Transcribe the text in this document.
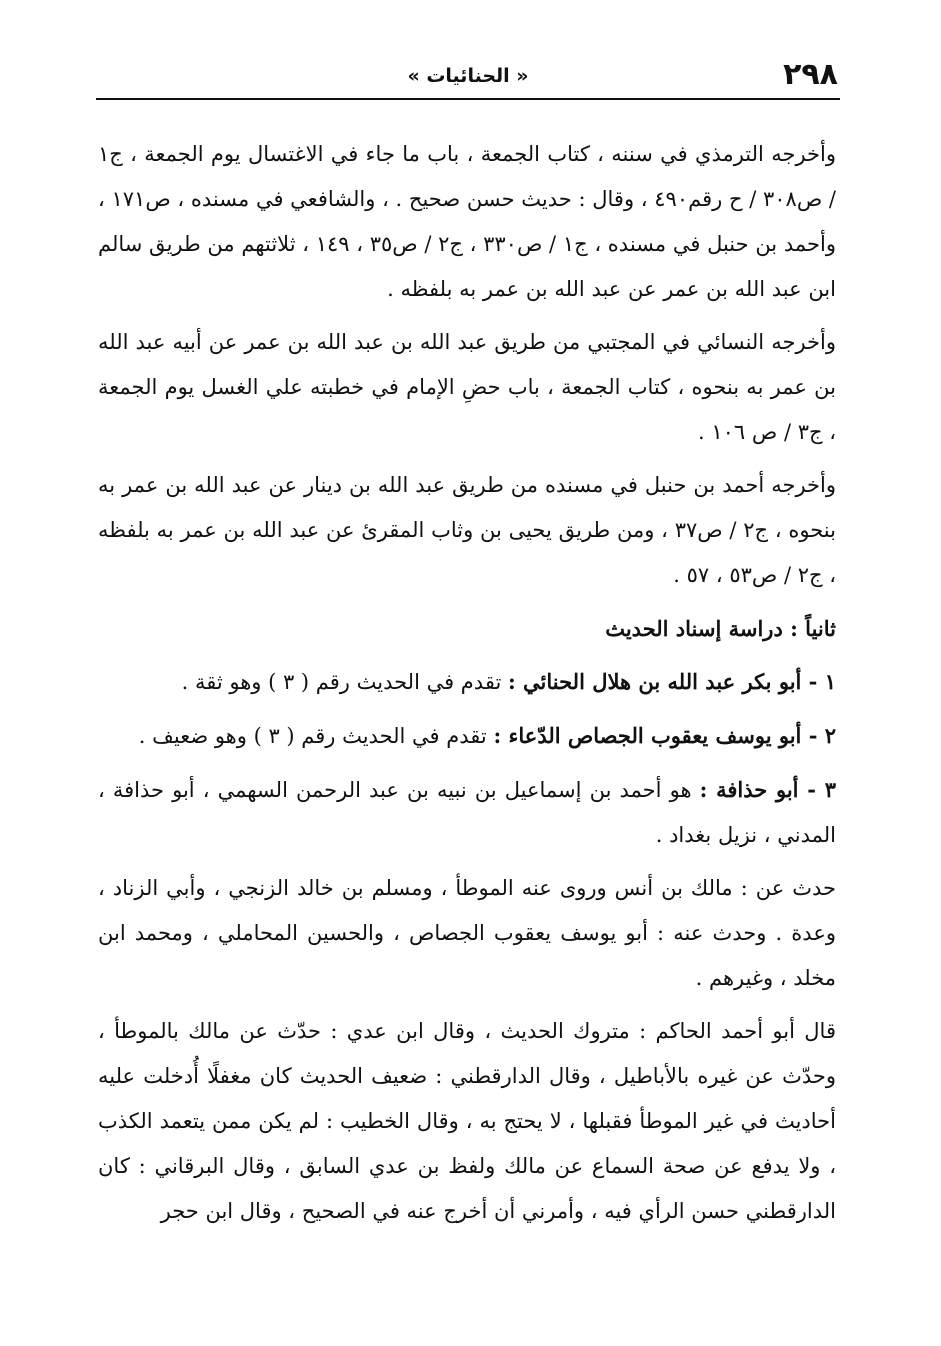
٢٩٨
« الحنائيات »

وأخرجه الترمذي في سننه ، كتاب الجمعة ، باب ما جاء في الاغتسال يوم الجمعة ، ج١ / ص٣٠٨ / ح رقم٤٩٠ ، وقال : حديث حسن صحيح . ، والشافعي في مسنده ، ص١٧١ ، وأحمد بن حنبل في مسنده ، ج١ / ص٣٣٠ ، ج٢ / ص٣٥ ، ١٤٩ ، ثلاثتهم من طريق سالم ابن عبد الله بن عمر عن عبد الله بن عمر به بلفظه .

وأخرجه النسائي في المجتبي من طريق عبد الله بن عبد الله بن عمر عن أبيه عبد الله بن عمر به بنحوه ، كتاب الجمعة ، باب حضِ الإمام في خطبته علي الغسل يوم الجمعة ، ج٣ / ص ١٠٦ .

وأخرجه أحمد بن حنبل في مسنده من طريق عبد الله بن دينار عن عبد الله بن عمر به بنحوه ، ج٢ / ص٣٧ ، ومن طريق يحيى بن وثاب المقرئ عن عبد الله بن عمر به بلفظه ، ج٢ / ص٥٣ ، ٥٧ .

ثانياً : دراسة إسناد الحديث

١ - أبو بكر عبد الله بن هلال الحنائي : تقدم في الحديث رقم ( ٣ ) وهو ثقة .

٢ - أبو يوسف يعقوب الجصاص الدّعاء : تقدم في الحديث رقم ( ٣ ) وهو ضعيف .

٣ - أبو حذافة : هو أحمد بن إسماعيل بن نبيه بن عبد الرحمن السهمي ، أبو حذافة ، المدني ، نزيل بغداد .

حدث عن : مالك بن أنس وروى عنه الموطأ ، ومسلم بن خالد الزنجي ، وأبي الزناد ، وعدة . وحدث عنه : أبو يوسف يعقوب الجصاص ، والحسين المحاملي ، ومحمد ابن مخلد ، وغيرهم .

قال أبو أحمد الحاكم : متروك الحديث ، وقال ابن عدي : حدّث عن مالك بالموطأ ، وحدّث عن غيره بالأباطيل ، وقال الدارقطني : ضعيف الحديث كان مغفلًا أُدخلت عليه أحاديث في غير الموطأ فقبلها ، لا يحتج به ، وقال الخطيب : لم يكن ممن يتعمد الكذب ، ولا يدفع عن صحة السماع عن مالك ولفظ بن عدي السابق ، وقال البرقاني : كان الدارقطني حسن الرأي فيه ، وأمرني أن أخرج عنه في الصحيح ، وقال ابن حجر
